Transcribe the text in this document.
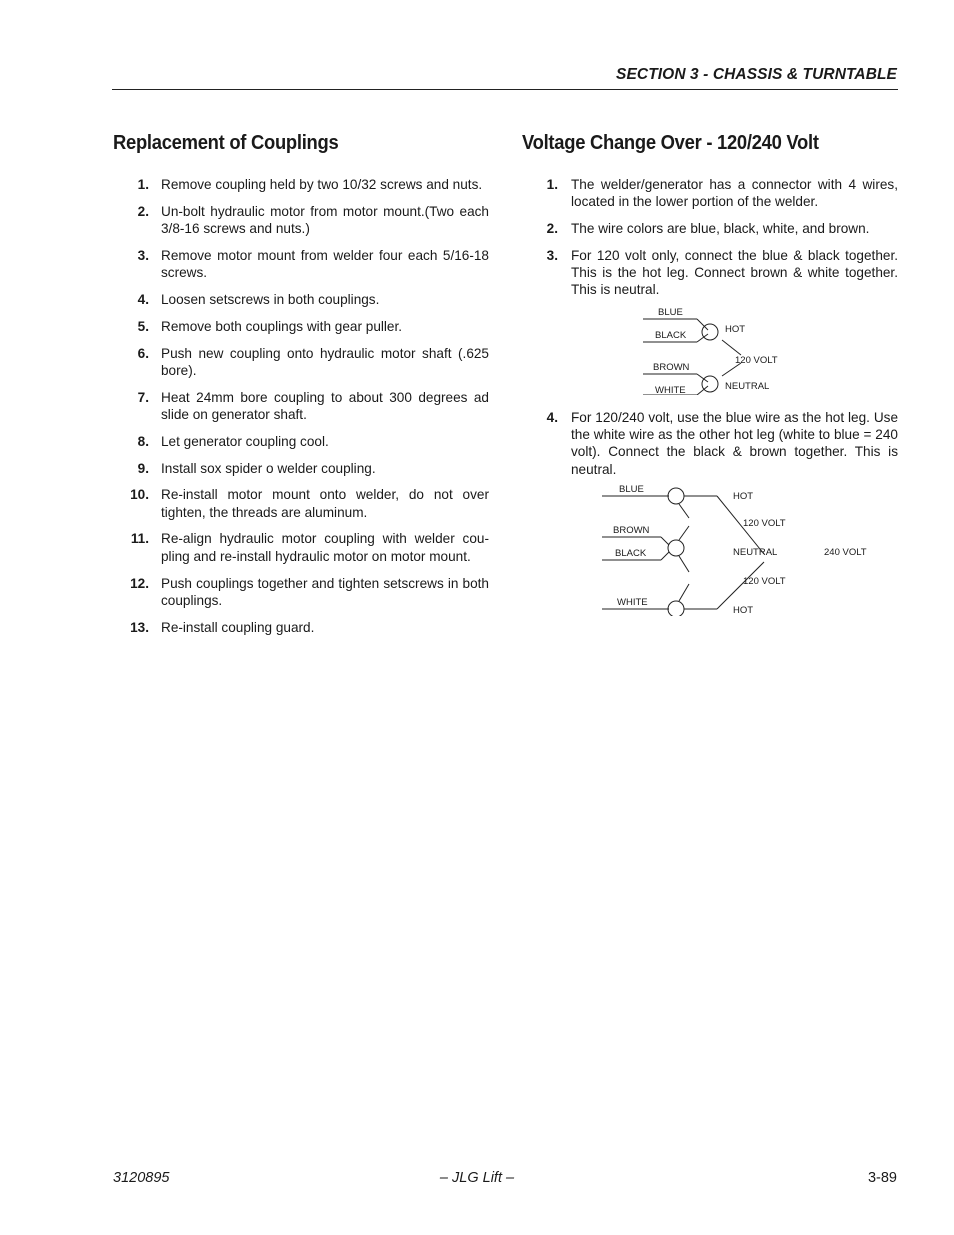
SECTION 3 - CHASSIS & TURNTABLE
Replacement of Couplings
1. Remove coupling held by two 10/32 screws and nuts.
2. Un-bolt hydraulic motor from motor mount.(Two each 3/8-16 screws and nuts.)
3. Remove motor mount from welder four each 5/16-18 screws.
4. Loosen setscrews in both couplings.
5. Remove both couplings with gear puller.
6. Push new coupling onto hydraulic motor shaft (.625 bore).
7. Heat 24mm bore coupling to about 300 degrees ad slide on generator shaft.
8. Let generator coupling cool.
9. Install sox spider o welder coupling.
10. Re-install motor mount onto welder, do not over tighten, the threads are aluminum.
11. Re-align hydraulic motor coupling with welder cou-pling and re-install hydraulic motor on motor mount.
12. Push couplings together and tighten setscrews in both couplings.
13. Re-install coupling guard.
Voltage Change Over - 120/240 Volt
1. The welder/generator has a connector with 4 wires, located in the lower portion of the welder.
2. The wire colors are blue, black, white, and brown.
3. For 120 volt only, connect the blue & black together. This is the hot leg. Connect brown & white together. This is neutral.
BLUE
BLACK
BROWN
WHITE
HOT
120 VOLT
NEUTRAL
4. For 120/240 volt, use the blue wire as the hot leg. Use the white wire as the other hot leg (white to blue = 240 volt). Connect the black & brown together. This is neutral.
BLUE
BROWN
BLACK
WHITE
HOT
120 VOLT
NEUTRAL
120 VOLT
HOT
240 VOLT
3120895	– JLG Lift –	3-89
